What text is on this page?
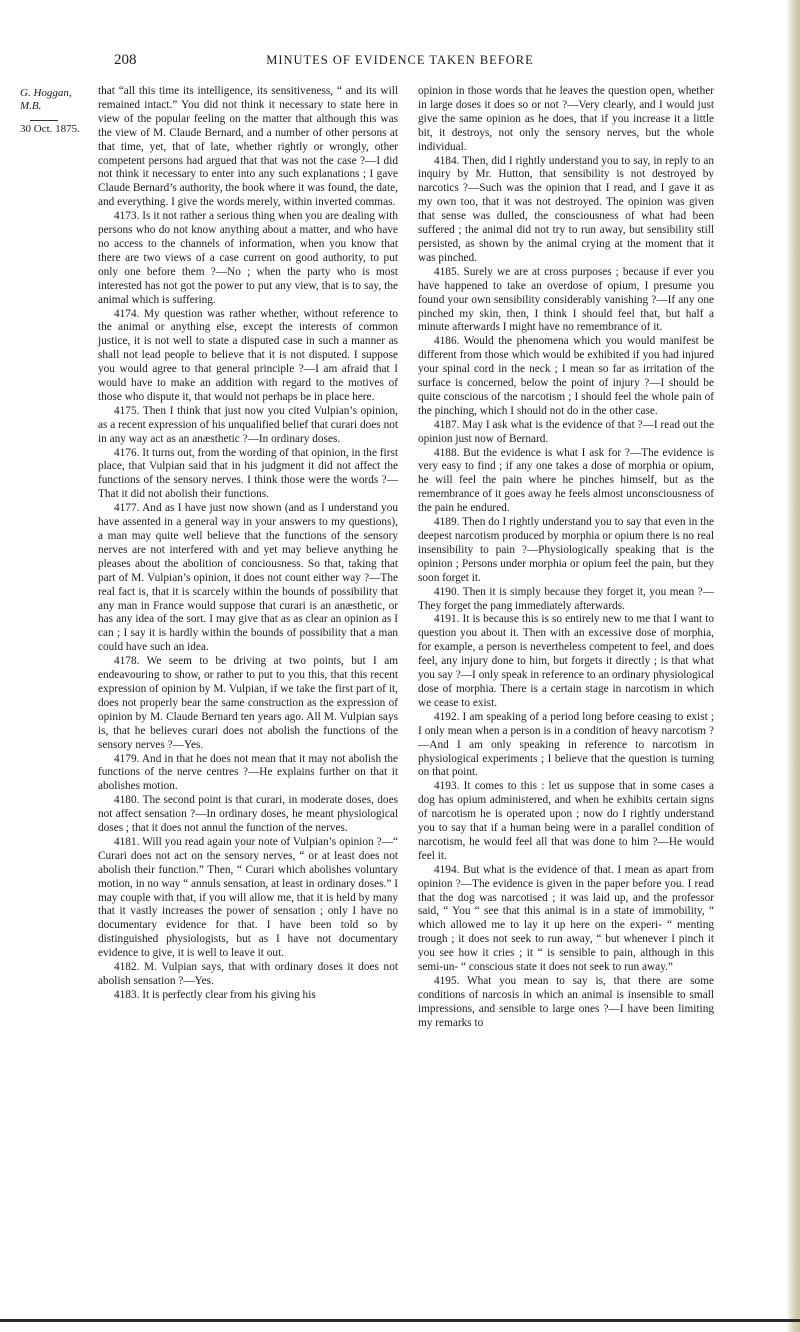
208	MINUTES OF EVIDENCE TAKEN BEFORE
G. Hoggan, M.B.
30 Oct. 1875.

that “all this time its intelligence, its sensitiveness, “ and its will remained intact.” You did not think it necessary to state here in view of the popular feeling on the matter that although this was the view of M. Claude Bernard, and a number of other persons at that time, yet, that of late, whether rightly or wrongly, other competent persons had argued that that was not the case ?—I did not think it necessary to enter into any such explanations ; I gave Claude Bernard’s authority, the book where it was found, the date, and everything. I give the words merely, within inverted commas.

4173. Is it not rather a serious thing when you are dealing with persons who do not know anything about a matter, and who have no access to the channels of information, when you know that there are two views of a case current on good authority, to put only one before them ?—No ; when the party who is most interested has not got the power to put any view, that is to say, the animal which is suffering.

4174. My question was rather whether, without reference to the animal or anything else, except the interests of common justice, it is not well to state a disputed case in such a manner as shall not lead people to believe that it is not disputed. I suppose you would agree to that general principle ?—I am afraid that I would have to make an addition with regard to the motives of those who dispute it, that would not perhaps be in place here.

4175. Then I think that just now you cited Vulpian’s opinion, as a recent expression of his unqualified belief that curari does not in any way act as an anæsthetic ?—In ordinary doses.

4176. It turns out, from the wording of that opinion, in the first place, that Vulpian said that in his judgment it did not affect the functions of the sensory nerves. I think those were the words ?—That it did not abolish their functions.

4177. And as I have just now shown (and as I understand you have assented in a general way in your answers to my questions), a man may quite well believe that the functions of the sensory nerves are not interfered with and yet may believe anything he pleases about the abolition of conciousness. So that, taking that part of M. Vulpian’s opinion, it does not count either way ?—The real fact is, that it is scarcely within the bounds of possibility that any man in France would suppose that curari is an anæsthetic, or has any idea of the sort. I may give that as as clear an opinion as I can ; I say it is hardly within the bounds of possibility that a man could have such an idea.

4178. We seem to be driving at two points, but I am endeavouring to show, or rather to put to you this, that this recent expression of opinion by M. Vulpian, if we take the first part of it, does not properly bear the same construction as the expression of opinion by M. Claude Bernard ten years ago. All M. Vulpian says is, that he believes curari does not abolish the functions of the sensory nerves ?—Yes.

4179. And in that he does not mean that it may not abolish the functions of the nerve centres ?—He explains further on that it abolishes motion.

4180. The second point is that curari, in moderate doses, does not affect sensation ?—In ordinary doses, he meant physiological doses ; that it does not annul the function of the nerves.

4181. Will you read again your note of Vulpian’s opinion ?—“ Curari does not act on the sensory nerves, “ or at least does not abolish their function.” Then, “ Curari which abolishes voluntary motion, in no way “ annuls sensation, at least in ordinary doses.” I may couple with that, if you will allow me, that it is held by many that it vastly increases the power of sensation ; only I have no documentary evidence for that. I have been told so by distinguished physiologists, but as I have not documentary evidence to give, it is well to leave it out.

4182. M. Vulpian says, that with ordinary doses it does not abolish sensation ?—Yes.

4183. It is perfectly clear from his giving his

opinion in those words that he leaves the question open, whether in large doses it does so or not ?—Very clearly, and I would just give the same opinion as he does, that if you increase it a little bit, it destroys, not only the sensory nerves, but the whole individual.

4184. Then, did I rightly understand you to say, in reply to an inquiry by Mr. Hutton, that sensibility is not destroyed by narcotics ?—Such was the opinion that I read, and I gave it as my own too, that it was not destroyed. The opinion was given that sense was dulled, the consciousness of what had been suffered ; the animal did not try to run away, but sensibility still persisted, as shown by the animal crying at the moment that it was pinched.

4185. Surely we are at cross purposes ; because if ever you have happened to take an overdose of opium, I presume you found your own sensibility considerably vanishing ?—If any one pinched my skin, then, I think I should feel that, but half a minute afterwards I might have no remembrance of it.

4186. Would the phenomena which you would manifest be different from those which would be exhibited if you had injured your spinal cord in the neck ; I mean so far as irritation of the surface is concerned, below the point of injury ?—I should be quite conscious of the narcotism ; I should feel the whole pain of the pinching, which I should not do in the other case.

4187. May I ask what is the evidence of that ?—I read out the opinion just now of Bernard.

4188. But the evidence is what I ask for ?—The evidence is very easy to find ; if any one takes a dose of morphia or opium, he will feel the pain where he pinches himself, but as the remembrance of it goes away he feels almost unconsciousness of the pain he endured.

4189. Then do I rightly understand you to say that even in the deepest narcotism produced by morphia or opium there is no real insensibility to pain ?—Physiologically speaking that is the opinion ; Persons under morphia or opium feel the pain, but they soon forget it.

4190. Then it is simply because they forget it, you mean ?—They forget the pang immediately afterwards.

4191. It is because this is so entirely new to me that I want to question you about it. Then with an excessive dose of morphia, for example, a person is nevertheless competent to feel, and does feel, any injury done to him, but forgets it directly ; is that what you say ?—I only speak in reference to an ordinary physiological dose of morphia. There is a certain stage in narcotism in which we cease to exist.

4192. I am speaking of a period long before ceasing to exist ; I only mean when a person is in a condition of heavy narcotism ?—And I am only speaking in reference to narcotism in physiological experiments ; I believe that the question is turning on that point.

4193. It comes to this : let us suppose that in some cases a dog has opium administered, and when he exhibits certain signs of narcotism he is operated upon ; now do I rightly understand you to say that if a human being were in a parallel condition of narcotism, he would feel all that was done to him ?—He would feel it.

4194. But what is the evidence of that. I mean as apart from opinion ?—The evidence is given in the paper before you. I read that the dog was narcotised ; it was laid up, and the professor said, “ You “ see that this animal is in a state of immobility, “ which allowed me to lay it up here on the experi- “ menting trough ; it does not seek to run away, “ but whenever I pinch it you see how it cries ; it “ is sensible to pain, although in this semi-un- “ conscious state it does not seek to run away.”

4195. What you mean to say is, that there are some conditions of narcosis in which an animal is insensible to small impressions, and sensible to large ones ?—I have been limiting my remarks to
